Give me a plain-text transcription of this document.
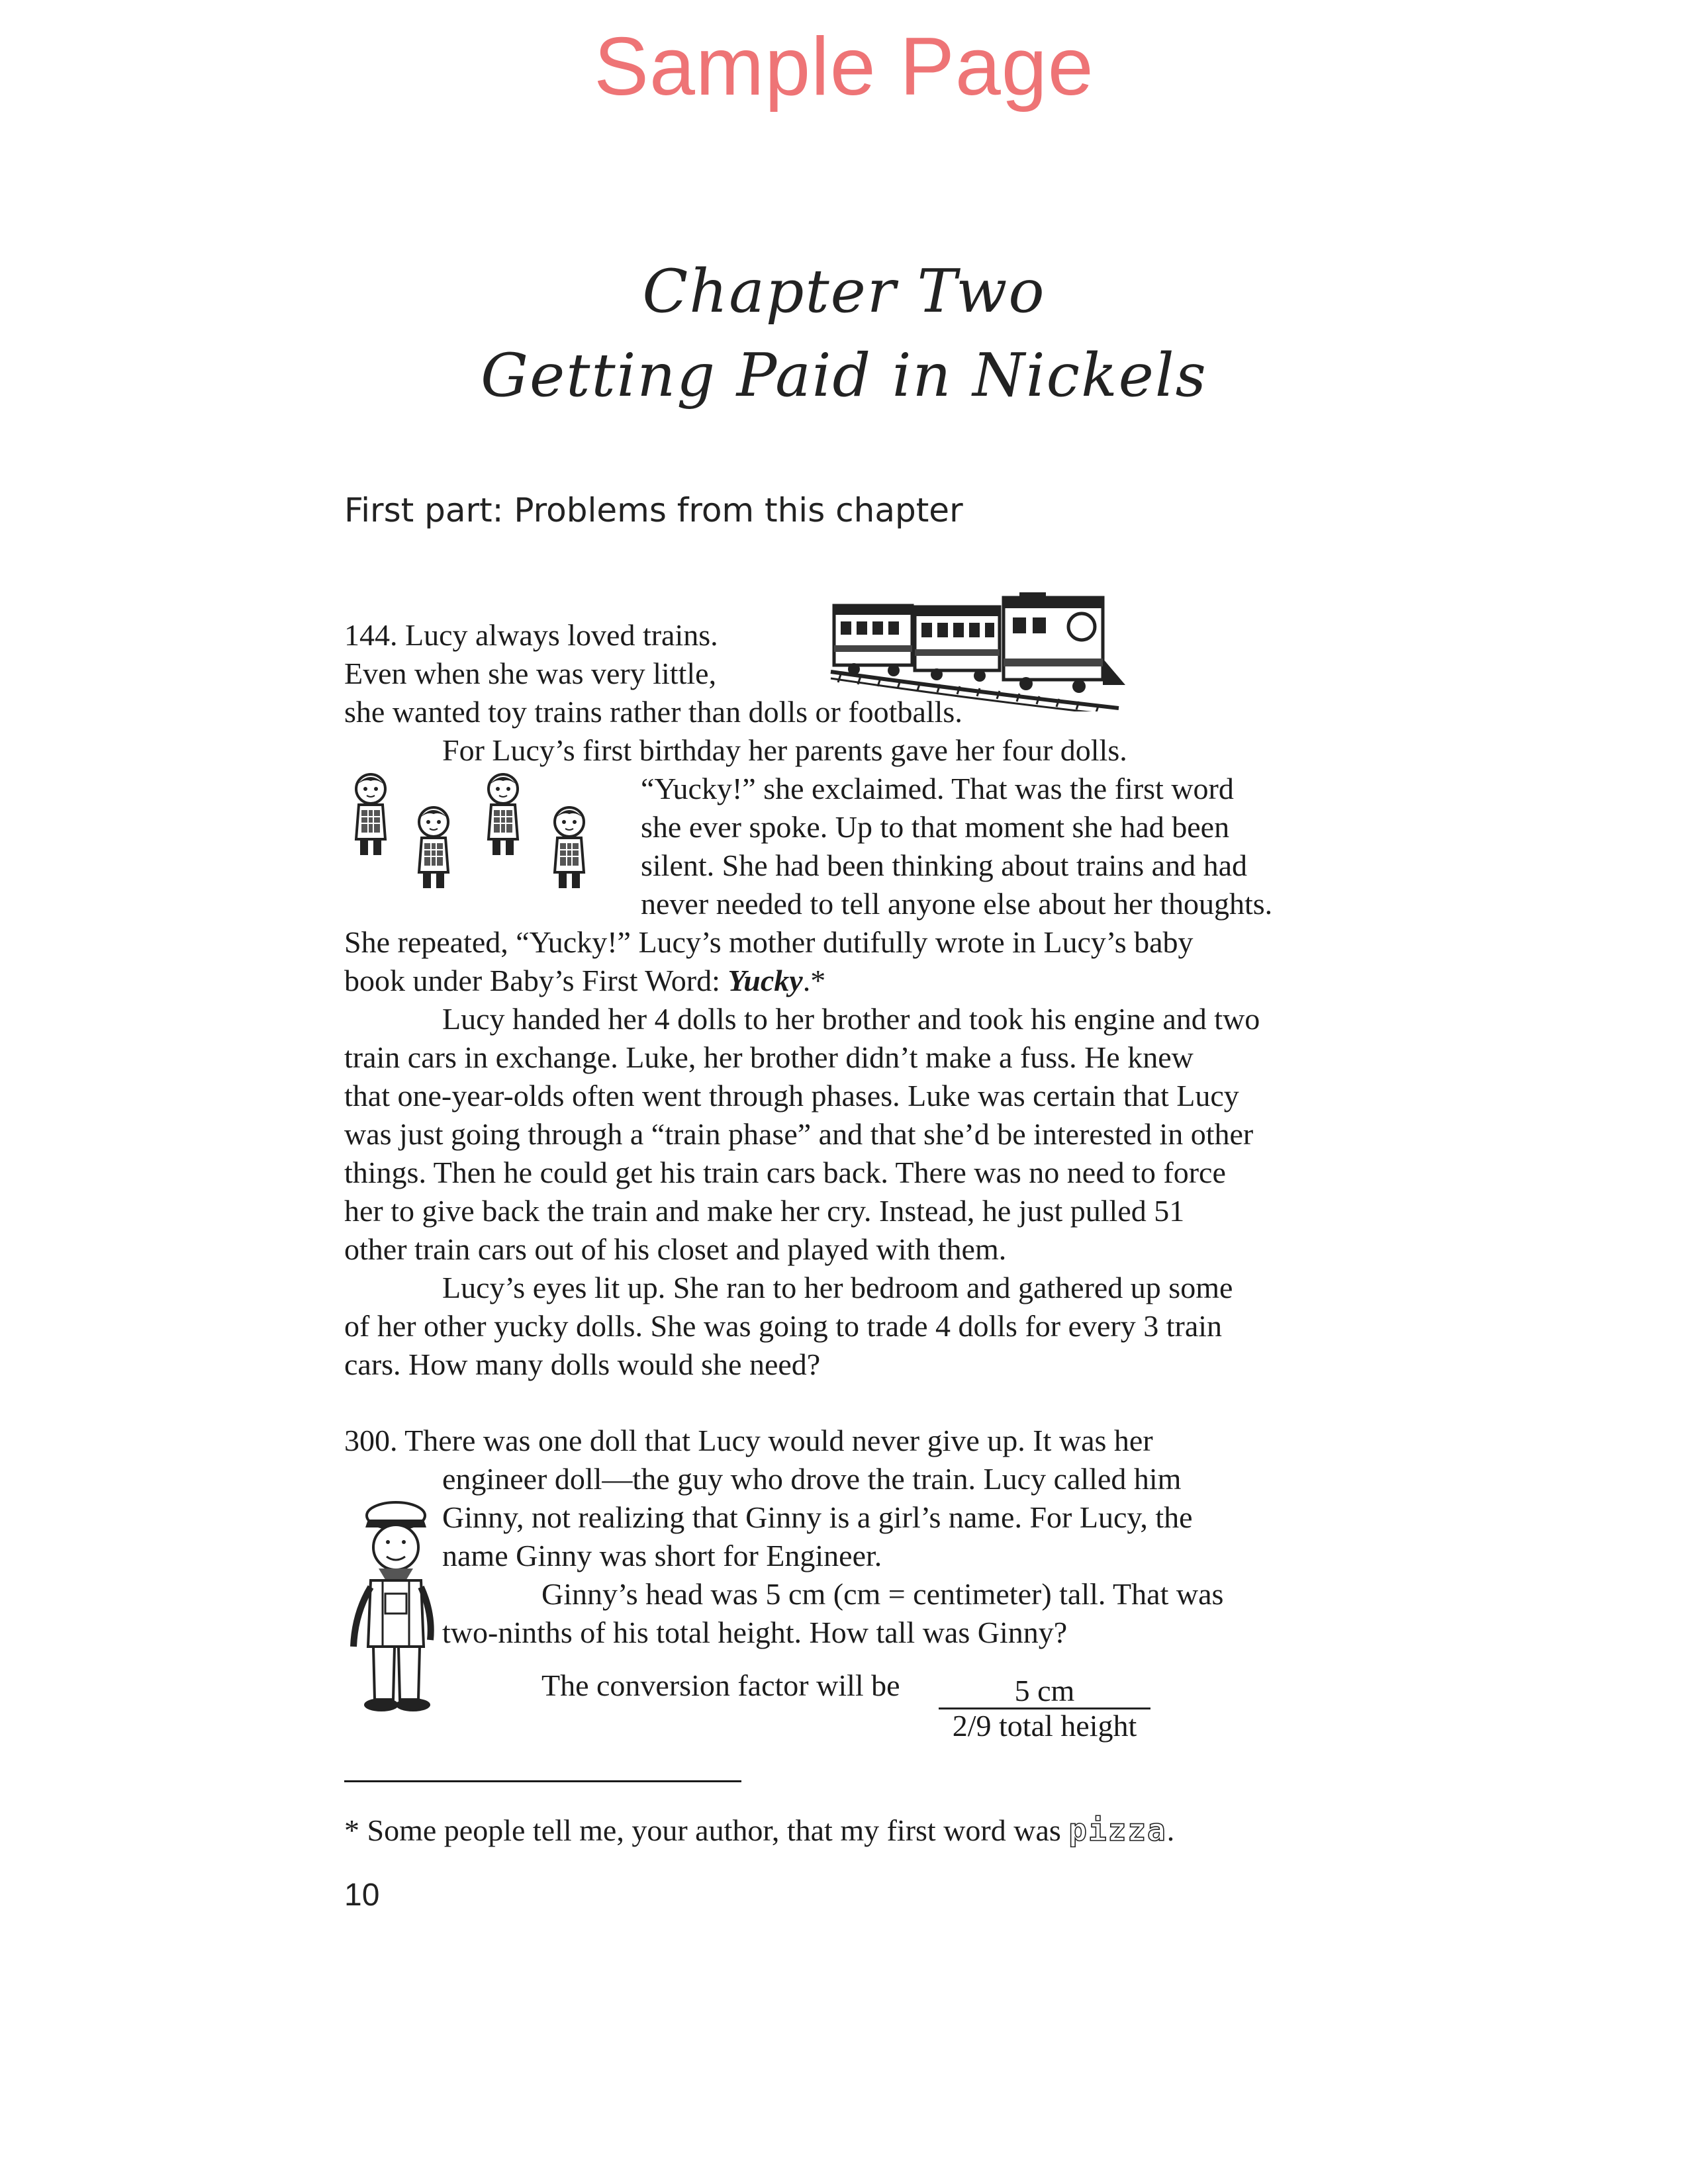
Sample Page
Chapter Two
Getting Paid in Nickels
First part: Problems from this chapter
144. Lucy always loved trains.
Even when she was very little,
she wanted toy trains rather than dolls or footballs.
For Lucy’s first birthday her parents gave her four dolls.
“Yucky!” she exclaimed. That was the first word
she ever spoke. Up to that moment she had been
silent. She had been thinking about trains and had
never needed to tell anyone else about her thoughts.
She repeated, “Yucky!” Lucy’s mother dutifully wrote in Lucy’s baby
book under Baby’s First Word: Yucky.*
Lucy handed her 4 dolls to her brother and took his engine and two
train cars in exchange. Luke, her brother didn’t make a fuss. He knew
that one-year-olds often went through phases. Luke was certain that Lucy
was just going through a “train phase” and that she’d be interested in other
things. Then he could get his train cars back. There was no need to force
her to give back the train and make her cry. Instead, he just pulled 51
other train cars out of his closet and played with them.
Lucy’s eyes lit up. She ran to her bedroom and gathered up some
of her other yucky dolls. She was going to trade 4 dolls for every 3 train
cars. How many dolls would she need?
300. There was one doll that Lucy would never give up. It was her
engineer doll—the guy who drove the train. Lucy called him
Ginny, not realizing that Ginny is a girl’s name. For Lucy, the
name Ginny was short for Engineer.
Ginny’s head was 5 cm (cm = centimeter) tall. That was
two-ninths of his total height. How tall was Ginny?
The conversion factor will be	5 cm
2/9 total height
* Some people tell me, your author, that my first word was pizza.
10
